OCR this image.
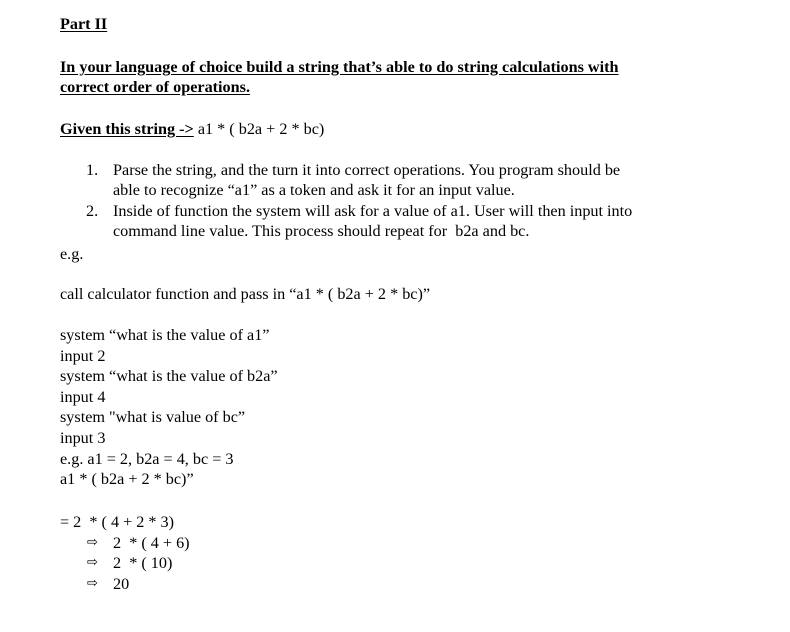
Part II
In your language of choice build a string that’s able to do string calculations with
correct order of operations.
Given this string -> a1 * ( b2a + 2 * bc)
1. Parse the string, and the turn it into correct operations. You program should be
able to recognize “a1” as a token and ask it for an input value.
2. Inside of function the system will ask for a value of a1. User will then input into
command line value. This process should repeat for  b2a and bc.
e.g.
call calculator function and pass in “a1 * ( b2a + 2 * bc)”
system “what is the value of a1”
input 2
system “what is the value of b2a”
input 4
system "what is value of bc”
input 3
e.g. a1 = 2, b2a = 4, bc = 3
a1 * ( b2a + 2 * bc)”
= 2  * ( 4 + 2 * 3)
⇨ 2  * ( 4 + 6)
⇨ 2  * ( 10)
⇨ 20
